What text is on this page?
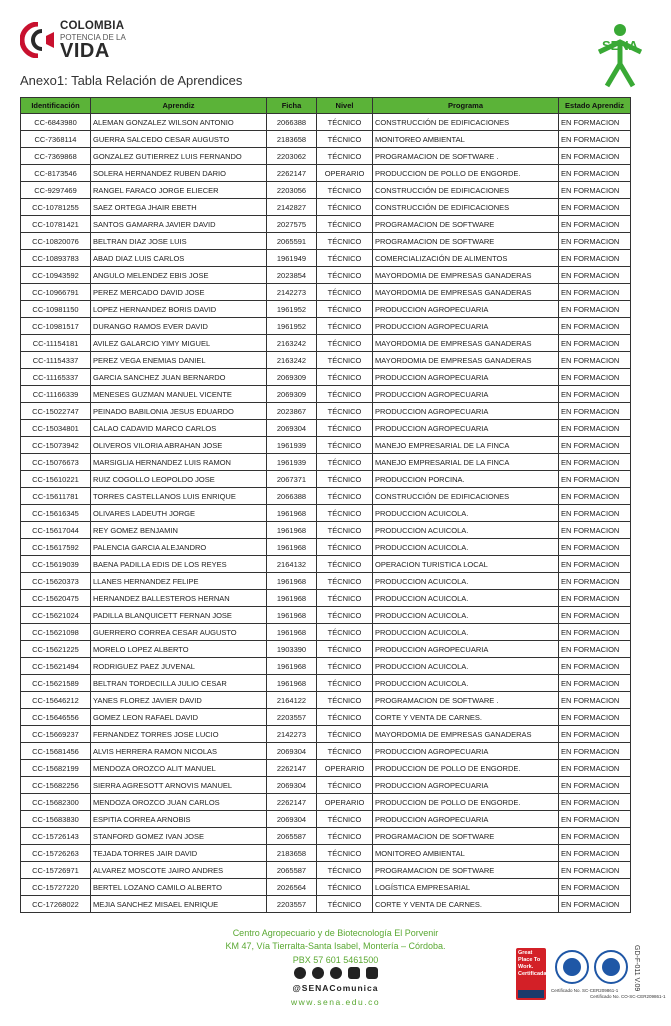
COLOMBIA
POTENCIA DE LA
VIDA	SENA
Anexo1: Tabla Relación de Aprendices
Identificación	Aprendiz	Ficha	Nivel	Programa	Estado Aprendiz
CC-6843980	ALEMAN GONZALEZ WILSON ANTONIO	2066388	TÉCNICO	CONSTRUCCIÓN DE EDIFICACIONES	EN FORMACION
CC-7368114	GUERRA SALCEDO CESAR AUGUSTO	2183658	TÉCNICO	MONITOREO AMBIENTAL	EN FORMACION
CC-7369868	GONZALEZ GUTIERREZ LUIS FERNANDO	2203062	TÉCNICO	PROGRAMACION DE SOFTWARE .	EN FORMACION
CC-8173546	SOLERA HERNANDEZ RUBEN DARIO	2262147	OPERARIO	PRODUCCION DE POLLO DE ENGORDE.	EN FORMACION
CC-9297469	RANGEL FARACO JORGE ELIECER	2203056	TÉCNICO	CONSTRUCCIÓN DE EDIFICACIONES	EN FORMACION
CC-10781255	SAEZ ORTEGA JHAIR EBETH	2142827	TÉCNICO	CONSTRUCCIÓN DE EDIFICACIONES	EN FORMACION
CC-10781421	SANTOS GAMARRA JAVIER DAVID	2027575	TÉCNICO	PROGRAMACION DE SOFTWARE	EN FORMACION
CC-10820076	BELTRAN DIAZ JOSE LUIS	2065591	TÉCNICO	PROGRAMACION DE SOFTWARE	EN FORMACION
CC-10893783	ABAD DIAZ LUIS CARLOS	1961949	TÉCNICO	COMERCIALIZACIÓN DE ALIMENTOS	EN FORMACION
CC-10943592	ANGULO MELENDEZ EBIS JOSE	2023854	TÉCNICO	MAYORDOMIA DE EMPRESAS GANADERAS	EN FORMACION
CC-10966791	PEREZ MERCADO DAVID JOSE	2142273	TÉCNICO	MAYORDOMIA DE EMPRESAS GANADERAS	EN FORMACION
CC-10981150	LOPEZ HERNANDEZ BORIS DAVID	1961952	TÉCNICO	PRODUCCION AGROPECUARIA	EN FORMACION
CC-10981517	DURANGO RAMOS EVER DAVID	1961952	TÉCNICO	PRODUCCION AGROPECUARIA	EN FORMACION
CC-11154181	AVILEZ GALARCIO YIMY MIGUEL	2163242	TÉCNICO	MAYORDOMIA DE EMPRESAS GANADERAS	EN FORMACION
CC-11154337	PEREZ VEGA ENEMIAS DANIEL	2163242	TÉCNICO	MAYORDOMIA DE EMPRESAS GANADERAS	EN FORMACION
CC-11165337	GARCIA SANCHEZ JUAN BERNARDO	2069309	TÉCNICO	PRODUCCION AGROPECUARIA	EN FORMACION
CC-11166339	MENESES GUZMAN MANUEL VICENTE	2069309	TÉCNICO	PRODUCCION AGROPECUARIA	EN FORMACION
CC-15022747	PEINADO BABILONIA JESUS EDUARDO	2023867	TÉCNICO	PRODUCCION AGROPECUARIA	EN FORMACION
CC-15034801	CALAO CADAVID MARCO CARLOS	2069304	TÉCNICO	PRODUCCION AGROPECUARIA	EN FORMACION
CC-15073942	OLIVEROS VILORIA ABRAHAN JOSE	1961939	TÉCNICO	MANEJO EMPRESARIAL DE LA FINCA	EN FORMACION
CC-15076673	MARSIGLIA HERNANDEZ LUIS RAMON	1961939	TÉCNICO	MANEJO EMPRESARIAL DE LA FINCA	EN FORMACION
CC-15610221	RUIZ COGOLLO LEOPOLDO JOSE	2067371	TÉCNICO	PRODUCCION PORCINA.	EN FORMACION
CC-15611781	TORRES CASTELLANOS LUIS ENRIQUE	2066388	TÉCNICO	CONSTRUCCIÓN DE EDIFICACIONES	EN FORMACION
CC-15616345	OLIVARES LADEUTH JORGE	1961968	TÉCNICO	PRODUCCION ACUICOLA.	EN FORMACION
CC-15617044	REY GOMEZ BENJAMIN	1961968	TÉCNICO	PRODUCCION ACUICOLA.	EN FORMACION
CC-15617592	PALENCIA GARCIA ALEJANDRO	1961968	TÉCNICO	PRODUCCION ACUICOLA.	EN FORMACION
CC-15619039	BAENA PADILLA EDIS DE LOS REYES	2164132	TÉCNICO	OPERACION TURISTICA LOCAL	EN FORMACION
CC-15620373	LLANES HERNANDEZ FELIPE	1961968	TÉCNICO	PRODUCCION ACUICOLA.	EN FORMACION
CC-15620475	HERNANDEZ BALLESTEROS HERNAN	1961968	TÉCNICO	PRODUCCION ACUICOLA.	EN FORMACION
CC-15621024	PADILLA BLANQUICETT FERNAN JOSE	1961968	TÉCNICO	PRODUCCION ACUICOLA.	EN FORMACION
CC-15621098	GUERRERO CORREA CESAR AUGUSTO	1961968	TÉCNICO	PRODUCCION ACUICOLA.	EN FORMACION
CC-15621225	MORELO LOPEZ ALBERTO	1903390	TÉCNICO	PRODUCCION AGROPECUARIA	EN FORMACION
CC-15621494	RODRIGUEZ PAEZ JUVENAL	1961968	TÉCNICO	PRODUCCION ACUICOLA.	EN FORMACION
CC-15621589	BELTRAN TORDECILLA JULIO CESAR	1961968	TÉCNICO	PRODUCCION ACUICOLA.	EN FORMACION
CC-15646212	YANES FLOREZ JAVIER DAVID	2164122	TÉCNICO	PROGRAMACION DE SOFTWARE .	EN FORMACION
CC-15646556	GOMEZ LEON RAFAEL DAVID	2203557	TÉCNICO	CORTE Y VENTA DE CARNES.	EN FORMACION
CC-15669237	FERNANDEZ TORRES JOSE LUCIO	2142273	TÉCNICO	MAYORDOMIA DE EMPRESAS GANADERAS	EN FORMACION
CC-15681456	ALVIS HERRERA RAMON NICOLAS	2069304	TÉCNICO	PRODUCCION AGROPECUARIA	EN FORMACION
CC-15682199	MENDOZA OROZCO ALIT MANUEL	2262147	OPERARIO	PRODUCCION DE POLLO DE ENGORDE.	EN FORMACION
CC-15682256	SIERRA AGRESOTT ARNOVIS MANUEL	2069304	TÉCNICO	PRODUCCION AGROPECUARIA	EN FORMACION
CC-15682300	MENDOZA OROZCO JUAN CARLOS	2262147	OPERARIO	PRODUCCION DE POLLO DE ENGORDE.	EN FORMACION
CC-15683830	ESPITIA CORREA ARNOBIS	2069304	TÉCNICO	PRODUCCION AGROPECUARIA	EN FORMACION
CC-15726143	STANFORD GOMEZ IVAN JOSE	2065587	TÉCNICO	PROGRAMACION DE SOFTWARE	EN FORMACION
CC-15726263	TEJADA TORRES JAIR DAVID	2183658	TÉCNICO	MONITOREO AMBIENTAL	EN FORMACION
CC-15726971	ALVAREZ MOSCOTE JAIRO ANDRES	2065587	TÉCNICO	PROGRAMACION DE SOFTWARE	EN FORMACION
CC-15727220	BERTEL LOZANO CAMILO ALBERTO	2026564	TÉCNICO	LOGÍSTICA EMPRESARIAL	EN FORMACION
CC-17268022	MEJIA SANCHEZ MISAEL ENRIQUE	2203557	TÉCNICO	CORTE Y VENTA DE CARNES.	EN FORMACION
Centro Agropecuario y de Biotecnología El Porvenir
KM 47, Vía Tierralta-Santa Isabel, Montería – Córdoba.
PBX 57 601 5461500
@SENAComunica
www.sena.edu.co
Great Place To Work. Certificada
Certificado No. SC-CER209861-1
Certificado No. CO-SC-CER209861-1
GD-F-011 V.09
